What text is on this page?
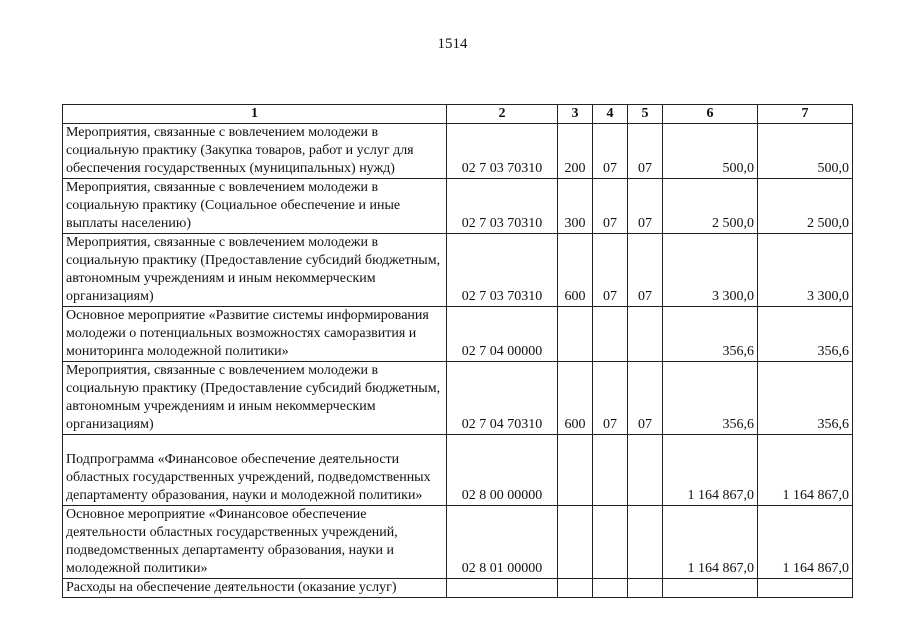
1514
1	2	3	4	5	6	7
Мероприятия, связанные с вовлечением молодежи в социальную практику (Закупка товаров, работ и услуг для обеспечения государственных (муниципальных) нужд)	02 7 03 70310	200	07	07	500,0	500,0
Мероприятия, связанные с вовлечением молодежи в социальную практику (Социальное обеспечение и иные выплаты населению)	02 7 03 70310	300	07	07	2 500,0	2 500,0
Мероприятия, связанные с вовлечением молодежи в социальную практику (Предоставление субсидий бюджетным, автономным учреждениям и иным некоммерческим организациям)	02 7 03 70310	600	07	07	3 300,0	3 300,0
Основное мероприятие «Развитие системы информирования молодежи о потенциальных возможностях саморазвития и мониторинга молодежной политики»	02 7 04 00000				356,6	356,6
Мероприятия, связанные с вовлечением молодежи в социальную практику (Предоставление субсидий бюджетным, автономным учреждениям и иным некоммерческим организациям)	02 7 04 70310	600	07	07	356,6	356,6
Подпрограмма «Финансовое обеспечение деятельности областных государственных учреждений, подведомственных департаменту образования, науки и молодежной политики»	02 8 00 00000				1 164 867,0	1 164 867,0
Основное мероприятие «Финансовое обеспечение деятельности областных государственных учреждений, подведомственных департаменту образования, науки и молодежной политики»	02 8 01 00000				1 164 867,0	1 164 867,0
Расходы на обеспечение деятельности (оказание услуг)						
